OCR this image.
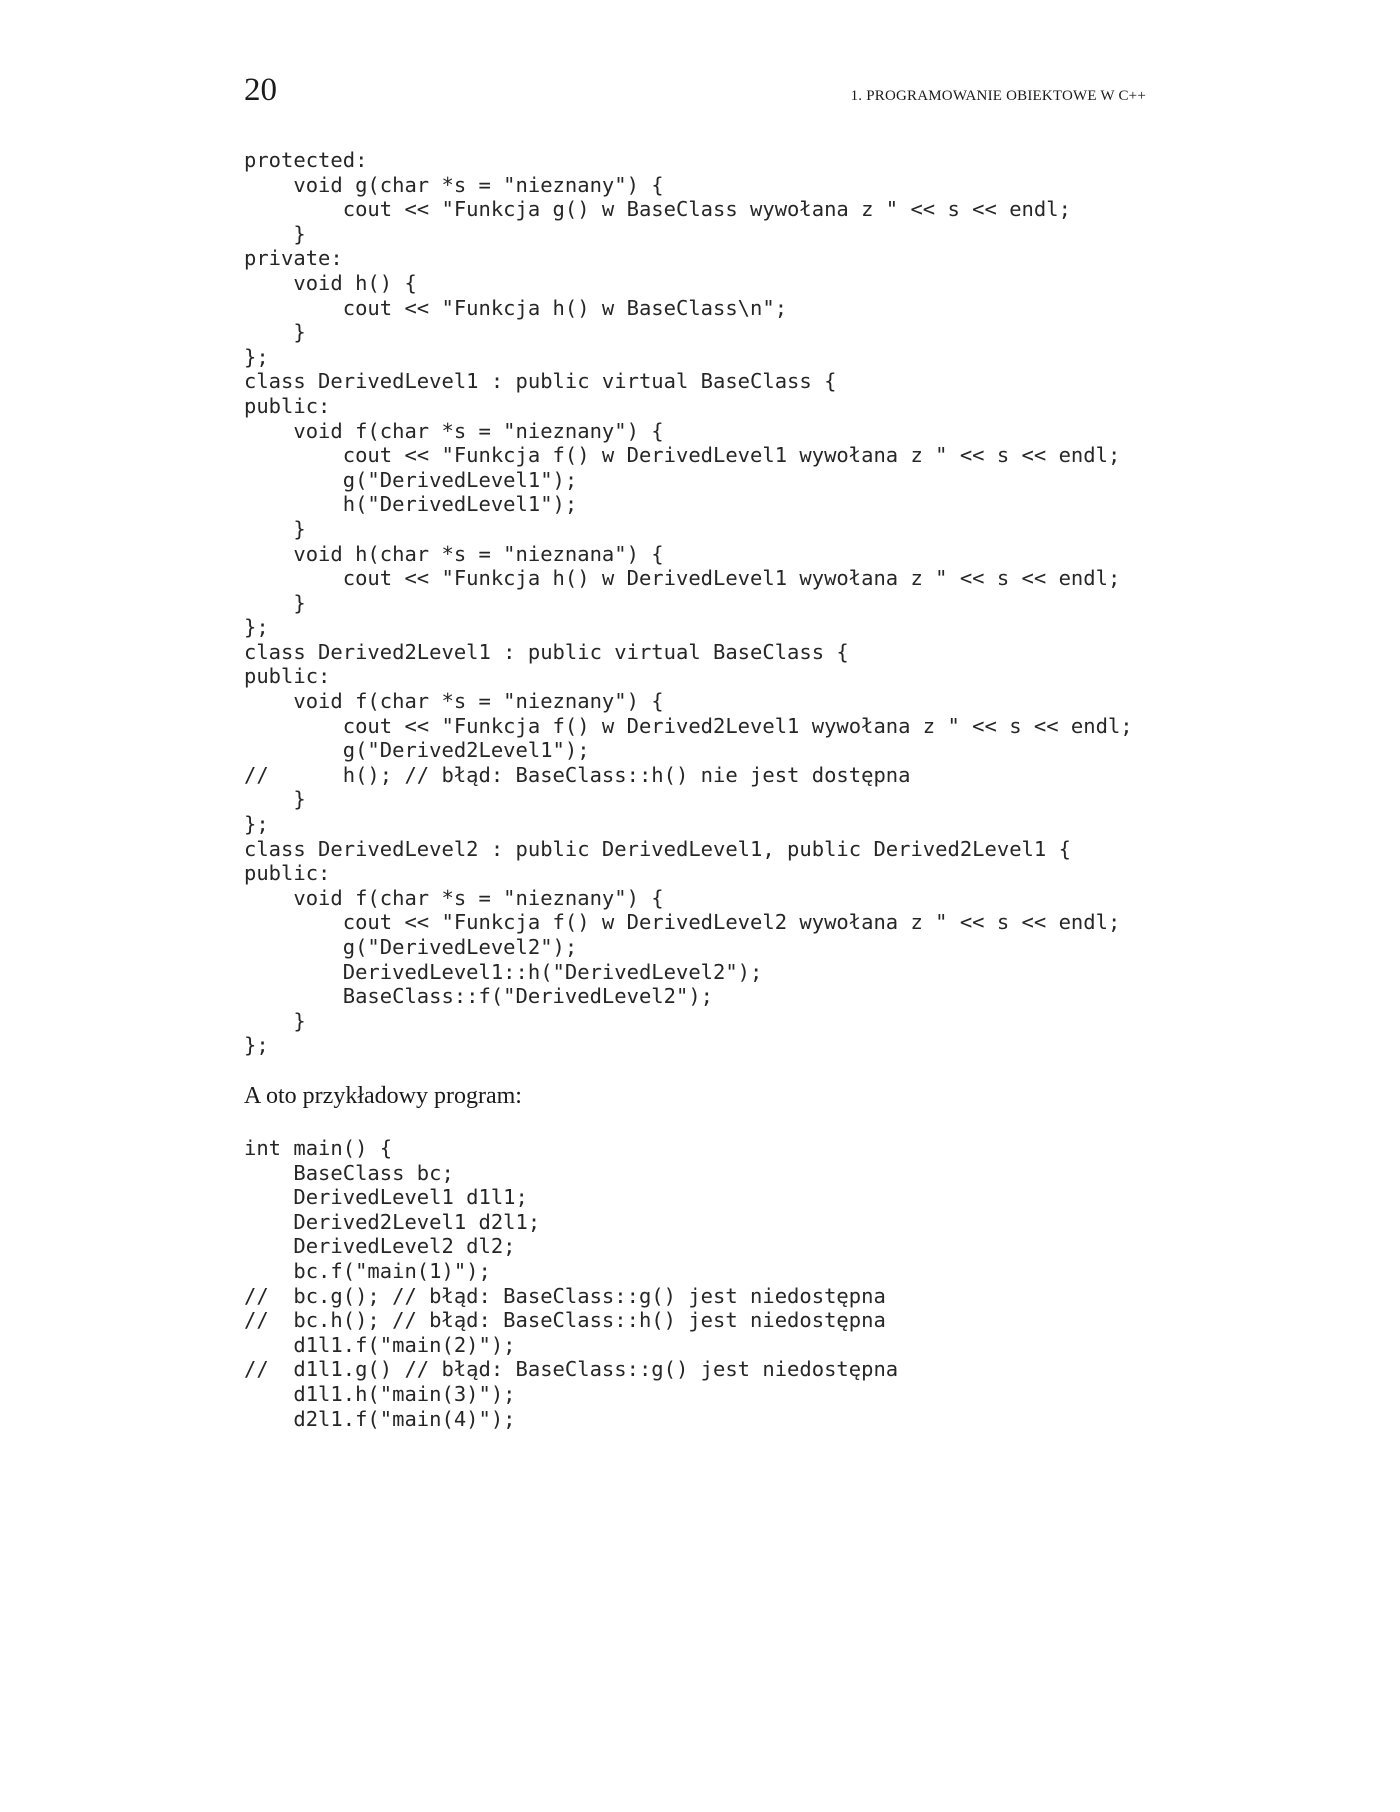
20	1. PROGRAMOWANIE OBIEKTOWE W C++
protected:
void g(char *s = "nieznany") {
cout << "Funkcja g() w BaseClass wywołana z " << s << endl;
}
private:
void h() {
cout << "Funkcja h() w BaseClass\n";
}
};
class DerivedLevel1 : public virtual BaseClass {
public:
void f(char *s = "nieznany") {
cout << "Funkcja f() w DerivedLevel1 wywołana z " << s << endl;
g("DerivedLevel1");
h("DerivedLevel1");
}
void h(char *s = "nieznana") {
cout << "Funkcja h() w DerivedLevel1 wywołana z " << s << endl;
}
};
class Derived2Level1 : public virtual BaseClass {
public:
void f(char *s = "nieznany") {
cout << "Funkcja f() w Derived2Level1 wywołana z " << s << endl;
g("Derived2Level1");
//      h(); // błąd: BaseClass::h() nie jest dostępna
}
};
class DerivedLevel2 : public DerivedLevel1, public Derived2Level1 {
public:
void f(char *s = "nieznany") {
cout << "Funkcja f() w DerivedLevel2 wywołana z " << s << endl;
g("DerivedLevel2");
DerivedLevel1::h("DerivedLevel2");
BaseClass::f("DerivedLevel2");
}
};

A oto przykładowy program:

int main() {
BaseClass bc;
DerivedLevel1 d1l1;
Derived2Level1 d2l1;
DerivedLevel2 dl2;
bc.f("main(1)");
//  bc.g(); // błąd: BaseClass::g() jest niedostępna
//  bc.h(); // błąd: BaseClass::h() jest niedostępna
d1l1.f("main(2)");
//  d1l1.g() // błąd: BaseClass::g() jest niedostępna
d1l1.h("main(3)");
d2l1.f("main(4)");
